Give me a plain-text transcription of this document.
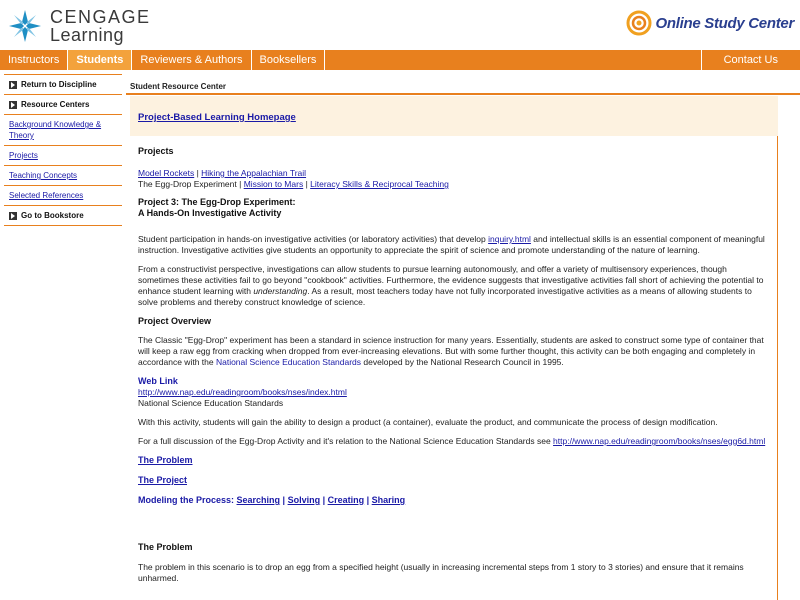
CENGAGE
Learning
Online Study Center
Instructors	Students	Reviewers & Authors	Booksellers	Contact Us
Return to Discipline
Resource Centers
Background Knowledge & Theory
Projects
Teaching Concepts
Selected References
Go to Bookstore
Student Resource Center
Project-Based Learning Homepage

Projects

Model Rockets | Hiking the Appalachian Trail

The Egg-Drop Experiment | Mission to Mars | Literacy Skills & Reciprocal Teaching

Project 3: The Egg-Drop Experiment:

A Hands-On Investigative Activity

Student participation in hands-on investigative activities (or laboratory activities) that develop inquiry.html and intellectual skills is an essential component of meaningful instruction. Investigative activities give students an opportunity to appreciate the spirit of science and promote understanding of the nature of learning.

From a constructivist perspective, investigations can allow students to pursue learning autonomously, and offer a variety of multisensory experiences, though sometimes these activities fail to go beyond "cookbook" activities. Furthermore, the evidence suggests that investigative activities fall short of achieving the potential to enhance student learning with understanding. As a result, most teachers today have not fully incorporated investigative activities as a means of allowing students to solve problems and thereby construct knowledge of science.

Project Overview

The Classic "Egg-Drop" experiment has been a standard in science instruction for many years. Essentially, students are asked to construct some type of container that will keep a raw egg from cracking when dropped from ever-increasing elevations. But with some further thought, this activity can be both engaging and completely in accordance with the National Science Education Standards developed by the National Research Council in 1995.

Web Link

http://www.nap.edu/readingroom/books/nses/index.html

National Science Education Standards

With this activity, students will gain the ability to design a product (a container), evaluate the product, and communicate the process of design modification.

For a full discussion of the Egg-Drop Activity and it's relation to the National Science Education Standards see http://www.nap.edu/readingroom/books/nses/egg6d.html

The Problem

The Project

Modeling the Process: Searching | Solving | Creating | Sharing

The Problem

The problem in this scenario is to drop an egg from a specified height (usually in increasing incremental steps from 1 story to 3 stories) and ensure that it remains unharmed.
